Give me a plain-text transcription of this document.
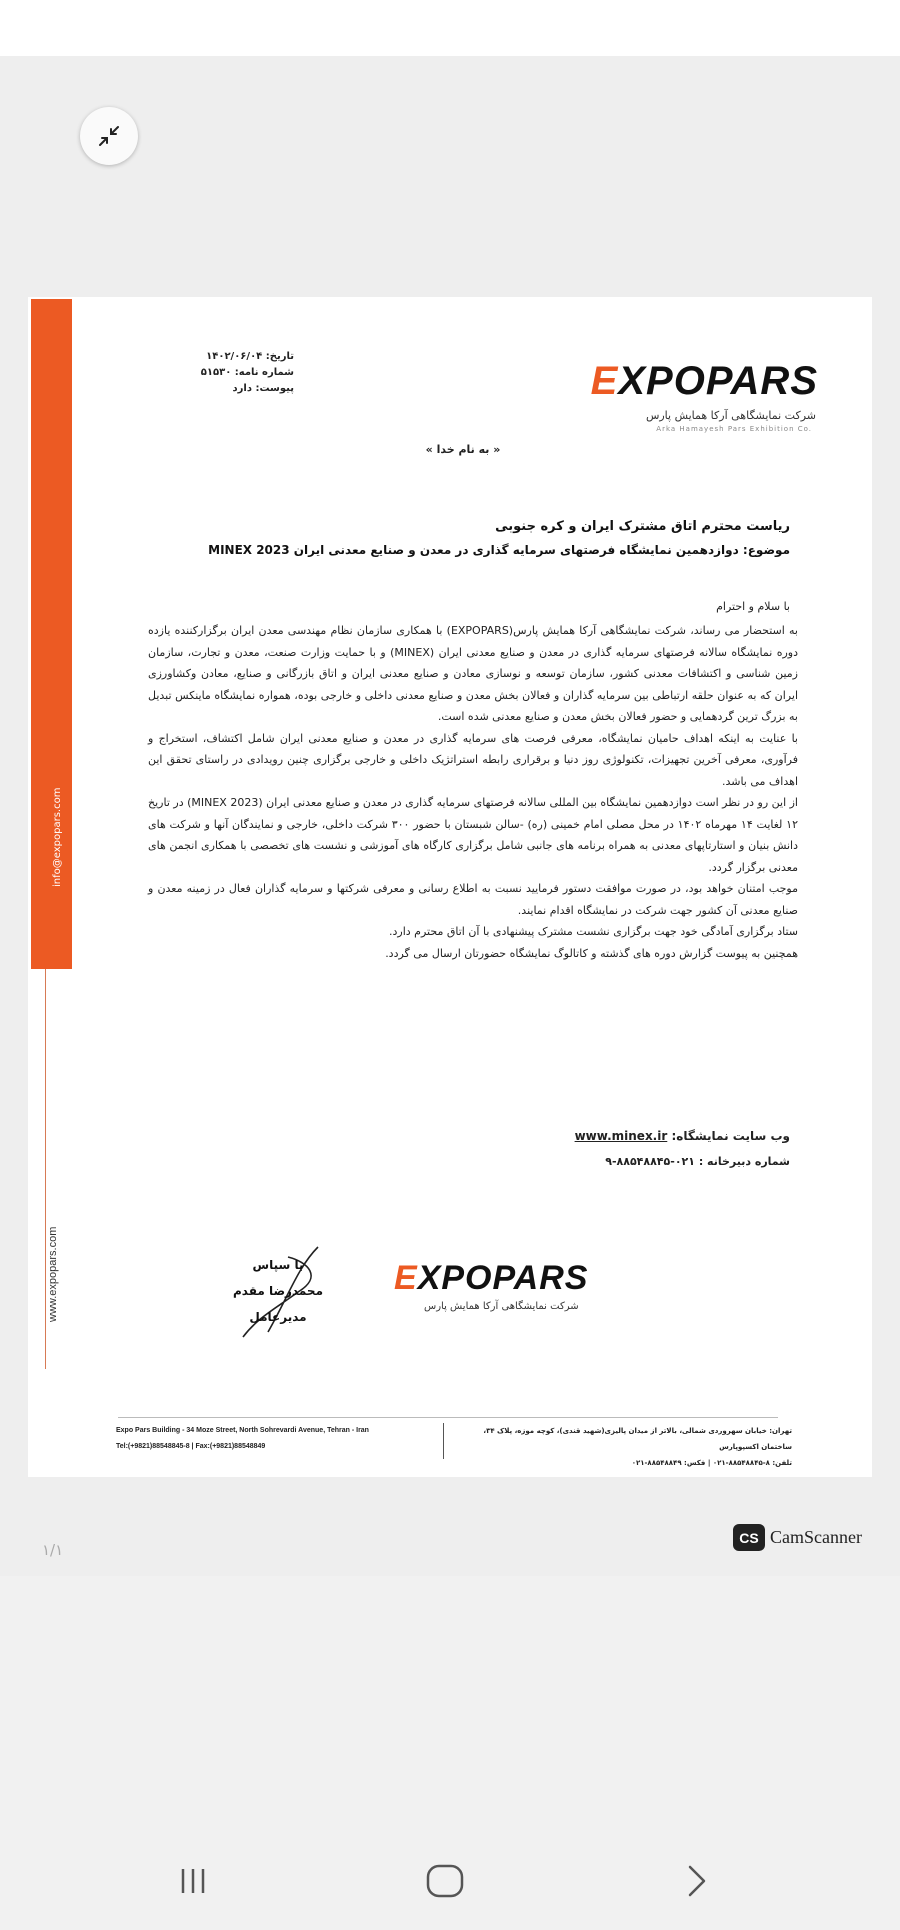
info@expopars.com
www.expopars.com
EXPOPARS
شرکت نمایشگاهی آرکا همایش پارس
Arka Hamayesh Pars Exhibition Co.
تاریخ: ۱۴۰۲/۰۶/۰۴
شماره نامه: ۵۱۵۳۰
پیوست: دارد
« به نام خدا »
ریاست محترم اتاق مشترک ایران و کره جنوبی
موضوع: دوازدهمین نمایشگاه فرصتهای سرمایه گذاری در معدن و صنایع معدنی ایران MINEX 2023
با سلام و احترام

به استحضار می رساند، شرکت نمایشگاهی آرکا همایش پارس(EXPOPARS) با همکاری سازمان نظام مهندسی معدن ایران برگزارکننده یازده دوره نمایشگاه سالانه فرصتهای سرمایه گذاری در معدن و صنایع معدنی ایران (MINEX) و با حمایت وزارت صنعت، معدن و تجارت، سازمان زمین شناسی و اکتشافات معدنی کشور، سازمان توسعه و نوسازی معادن و صنایع معدنی ایران و اتاق بازرگانی و صنایع، معادن وکشاورزی ایران که به عنوان حلقه ارتباطی بین سرمایه گذاران و فعالان بخش معدن و صنایع معدنی داخلی و خارجی بوده، همواره نمایشگاه ماینکس تبدیل به بزرگ ترین گردهمایی و حضور فعالان بخش معدن و صنایع معدنی شده است.

با عنایت به اینکه اهداف حامیان نمایشگاه، معرفی فرصت های سرمایه گذاری در معدن و صنایع معدنی ایران شامل اکتشاف، استخراج و فرآوری، معرفی آخرین تجهیزات، تکنولوژی روز دنیا و برقراری رابطه استراتژیک داخلی و خارجی برگزاری چنین رویدادی در راستای تحقق این اهداف می باشد.

از این رو در نظر است دوازدهمین نمایشگاه بین المللی سالانه فرصتهای سرمایه گذاری در معدن و صنایع معدنی ایران (MINEX 2023) در تاریخ ۱۲ لغایت ۱۴ مهرماه ۱۴۰۲ در محل مصلی امام خمینی (ره) -سالن شبستان با حضور ۳۰۰ شرکت داخلی، خارجی و نمایندگان آنها و شرکت های دانش بنیان و استارتاپهای معدنی به همراه برنامه های جانبی شامل برگزاری کارگاه های آموزشی و نشست های تخصصی با همکاری انجمن های معدنی برگزار گردد.

موجب امتنان خواهد بود، در صورت موافقت دستور فرمایید نسبت به اطلاع رسانی و معرفی شرکتها و سرمایه گذاران فعال در زمینه معدن و صنایع معدنی آن کشور جهت شرکت در نمایشگاه اقدام نمایند.

ستاد برگزاری آمادگی خود جهت برگزاری نشست مشترک پیشنهادی با آن اتاق محترم دارد.

همچنین به پیوست گزارش دوره های گذشته و کاتالوگ نمایشگاه حضورتان ارسال می گردد.

وب سایت نمایشگاه: www.minex.ir
شماره دبیرخانه : ۰۲۱-۸۸۵۴۸۸۴۵-۹
با سپاس
محمدرضا مقدم
مدیرعامل
EXPOPARS
شرکت نمایشگاهی آرکا همایش پارس
Expo Pars Building - 34 Moze Street, North Sohrevardi Avenue, Tehran - Iran
Tel:(+9821)88548845-8 | Fax:(+9821)88548849
تهران: خیابان سهروردی شمالی، بالاتر از میدان پالیزی(شهید قندی)، کوچه موزه، پلاک ۳۴، ساختمان اکسپوپارس
تلفن: ۸-۸۸۵۴۸۸۴۵-۰۲۱ | فکس: ۸۸۵۴۸۸۴۹-۰۲۱
۱/۱
CS CamScanner
